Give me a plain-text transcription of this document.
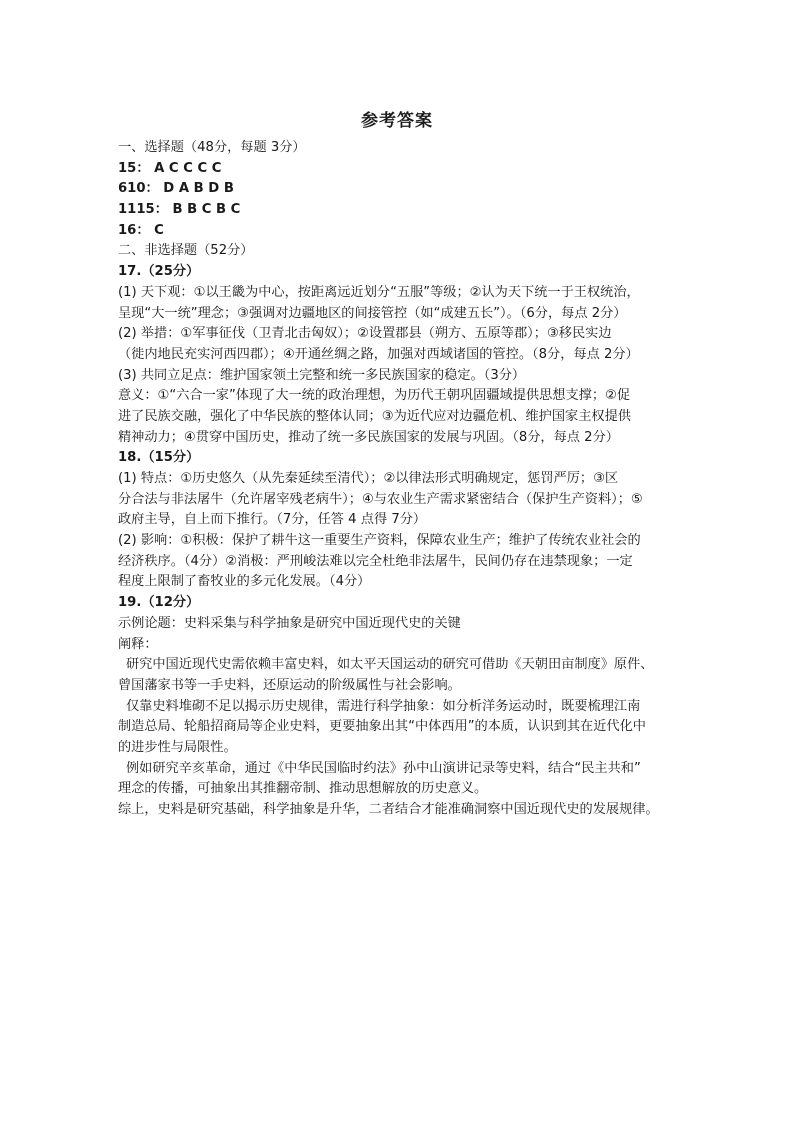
参考答案
一、选择题（48分，每题 3分）
15： A C C C C
610： D A B D B
1115： B B C B C
16： C
二、非选择题（52分）
17.（25分）
(1) 天下观：①以王畿为中心，按距离远近划分“五服”等级；②认为天下统一于王权统治，
呈现“大一统”理念；③强调对边疆地区的间接管控（如“成建五长”）。（6分，每点 2分）
(2) 举措：①军事征伐（卫青北击匈奴）；②设置郡县（朔方、五原等郡）；③移民实边
（徙内地民充实河西四郡）；④开通丝绸之路，加强对西域诸国的管控。（8分，每点 2分）
(3) 共同立足点：维护国家领土完整和统一多民族国家的稳定。（3分）
意义：①“六合一家”体现了大一统的政治理想，为历代王朝巩固疆域提供思想支撑；②促
进了民族交融，强化了中华民族的整体认同；③为近代应对边疆危机、维护国家主权提供
精神动力；④贯穿中国历史，推动了统一多民族国家的发展与巩固。（8分，每点 2分）
18.（15分）
(1) 特点：①历史悠久（从先秦延续至清代）；②以律法形式明确规定，惩罚严厉；③区
分合法与非法屠牛（允许屠宰残老病牛）；④与农业生产需求紧密结合（保护生产资料）；⑤
政府主导，自上而下推行。（7分，任答 4 点得 7分）
(2) 影响：①积极：保护了耕牛这一重要生产资料，保障农业生产；维护了传统农业社会的
经济秩序。（4分）②消极：严刑峻法难以完全杜绝非法屠牛，民间仍存在违禁现象；一定
程度上限制了畜牧业的多元化发展。（4分）
19.（12分）
示例论题：史料采集与科学抽象是研究中国近现代史的关键
阐释：
研究中国近现代史需依赖丰富史料，如太平天国运动的研究可借助《天朝田亩制度》原件、
曾国藩家书等一手史料，还原运动的阶级属性与社会影响。
仅靠史料堆砌不足以揭示历史规律，需进行科学抽象：如分析洋务运动时，既要梳理江南
制造总局、轮船招商局等企业史料，更要抽象出其“中体西用”的本质，认识到其在近代化中
的进步性与局限性。
例如研究辛亥革命，通过《中华民国临时约法》孙中山演讲记录等史料，结合“民主共和”
理念的传播，可抽象出其推翻帝制、推动思想解放的历史意义。
综上，史料是研究基础，科学抽象是升华，二者结合才能准确洞察中国近现代史的发展规律。
